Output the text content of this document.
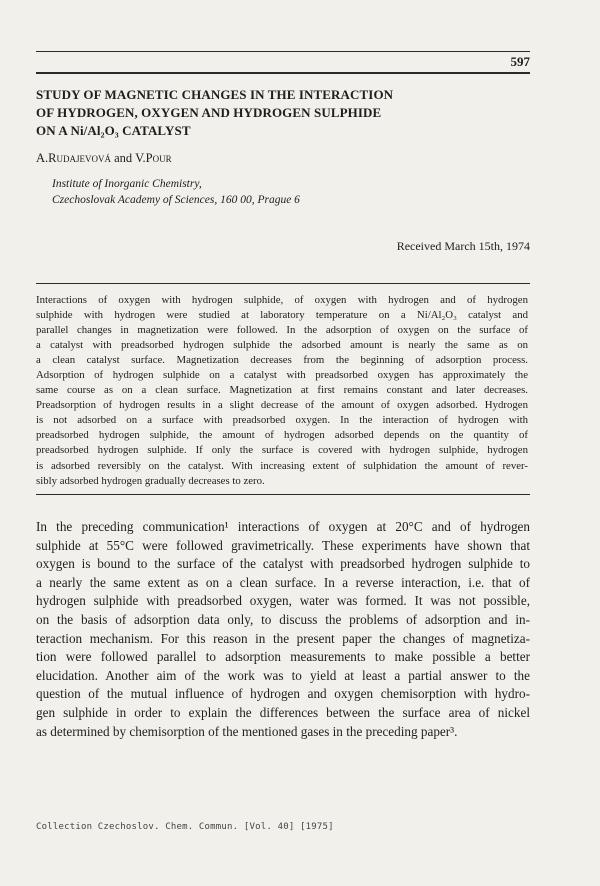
597

STUDY OF MAGNETIC CHANGES IN THE INTERACTION
OF HYDROGEN, OXYGEN AND HYDROGEN SULPHIDE
ON A Ni/Al₂O₃ CATALYST

A.Rudajevová and V.Pour

Institute of Inorganic Chemistry,
Czechoslovak Academy of Sciences, 160 00, Prague 6

Received March 15th, 1974

Interactions of oxygen with hydrogen sulphide, of oxygen with hydrogen and of hydrogen
sulphide with hydrogen were studied at laboratory temperature on a Ni/Al₂O₃ catalyst and
parallel changes in magnetization were followed. In the adsorption of oxygen on the surface of
a catalyst with preadsorbed hydrogen sulphide the adsorbed amount is nearly the same as on
a clean catalyst surface. Magnetization decreases from the beginning of adsorption process.
Adsorption of hydrogen sulphide on a catalyst with preadsorbed oxygen has approximately the
same course as on a clean surface. Magnetization at first remains constant and later decreases.
Preadsorption of hydrogen results in a slight decrease of the amount of oxygen adsorbed. Hydrogen
is not adsorbed on a surface with preadsorbed oxygen. In the interaction of hydrogen with
preadsorbed hydrogen sulphide, the amount of hydrogen adsorbed depends on the quantity of
preadsorbed hydrogen sulphide. If only the surface is covered with hydrogen sulphide, hydrogen
is adsorbed reversibly on the catalyst. With increasing extent of sulphidation the amount of rever-
sibly adsorbed hydrogen gradually decreases to zero.
In the preceding communication¹ interactions of oxygen at 20°C and of hydrogen
sulphide at 55°C were followed gravimetrically. These experiments have shown that
oxygen is bound to the surface of the catalyst with preadsorbed hydrogen sulphide to
a nearly the same extent as on a clean surface. In a reverse interaction, i.e. that of
hydrogen sulphide with preadsorbed oxygen, water was formed. It was not possible,
on the basis of adsorption data only, to discuss the problems of adsorption and in-
teraction mechanism. For this reason in the present paper the changes of magnetiza-
tion were followed parallel to adsorption measurements to make possible a better
elucidation. Another aim of the work was to yield at least a partial answer to the
question of the mutual influence of hydrogen and oxygen chemisorption with hydro-
gen sulphide in order to explain the differences between the surface area of nickel
as determined by chemisorption of the mentioned gases in the preceding paper³.

Collection Czechoslov. Chem. Commun. [Vol. 40] [1975]
